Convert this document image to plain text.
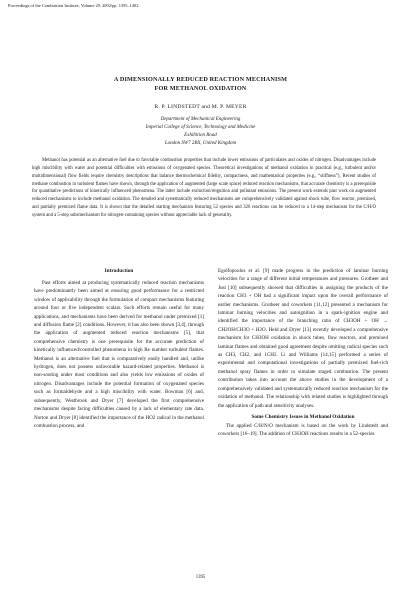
Proceedings of the Combustion Institute, Volume 29, 2002/pp. 1395–1402
A DIMENSIONALLY REDUCED REACTION MECHANISM
FOR METHANOL OXIDATION
R. P. LINDSTEDT and M. P. MEYER
Department of Mechanical Engineering
Imperial College of Science, Technology and Medicine
Exhibition Road
London SW7 2BX, United Kingdom

Methanol has potential as an alternative fuel due to favorable combustion properties that include lower emissions of particulates and oxides of nitrogen. Disadvantages include high miscibility with water and potential difficulties with emissions of oxygenated species. Theoretical investigations of methanol oxidation in practical (e.g., turbulent and/or multidimensional) flow fields require chemistry descriptions that balance thermochemical fidelity, compactness, and mathematical properties (e.g., “stiffness”). Recent studies of methane combustion in turbulent flames have shown, through the application of augmented (large scale space) reduced reaction mechanisms, that accurate chemistry is a prerequisite for quantitative predictions of kinetically influenced phenomena. The latter include extinction/reignition and pollutant emissions. The present work extends past work on augmented reduced mechanisms to include methanol oxidation. The detailed and systematically reduced mechanisms are comprehensively validated against shock tube, flow reactor, premixed, and partially premixed flame data. It is shown that the detailed starting mechanism featuring 52 species and 326 reactions can be reduced to a 14-step mechanism for the C/H/O system and a 5-step subsmechanism for nitrogen-containing species without appreciable lack of generality.

Introduction

Past efforts aimed at producing systematically reduced reaction mechanisms have predominantly been aimed at ensuring good performance for a restricted window of applicability through the formulation of compact mechanisms featuring around four or five independent scalars. Such efforts remain useful for many applications, and mechanisms have been derived for methanol under premixed [1] and diffusion flame [2] conditions. However, it has also been shown [3,4], through the application of augmented reduced reaction mechanisms [5], that comprehensive chemistry is one prerequisite for the accurate prediction of kinetically influenced/controlled phenomena in high Re number turbulent flames. Methanol is an alternative fuel that is comparatively easily handled and, unlike hydrogen, does not possess unfavorable hazard-related properties. Methanol is non-sooting under most conditions and also yields low emissions of oxides of nitrogen. Disadvantages include the potential formation of oxygenated species such as formaldehyde and a high miscibility with water. Bowman [6] and, subsequently, Westbrook and Dryer [7] developed the first comprehensive mechanisms despite facing difficulties caused by a lack of elementary rate data. Norton and Dryer [8] identified the importance of the HO2 radical in the methanol combustion process, and

Egolfopoulos et al. [9] made progress in the prediction of laminar burning velocities for a range of different initial temperatures and pressures. Grotheer and Just [10] subsequently showed that difficulties in assigning the products of the reaction CH3 + OH had a significant impact upon the overall performance of earlier mechanisms. Grotheer and coworkers [11,12] presented a mechanism for laminar burning velocities and autoignition in a spark-ignition engine and identified the importance of the branching ratio of CH3OH + OH → CH2OH/CH3O + H2O. Held and Dryer [13] recently developed a comprehensive mechanism for CH3OH oxidation in shock tubes, flow reactors, and premixed laminar flames and obtained good agreement despite omitting radical species such as CH3, CH2, and 1CH2. Li and Williams [14,15] performed a series of experimental and computational investigations of partially premixed fuel-rich methanol spray flames in order to simulate staged combustion. The present contribution takes into account the above studies in the development of a comprehensively validated and systematically reduced reaction mechanism for the oxidation of methanol. The relationship with related studies is highlighted through the application of path and sensitivity analyses.

Some Chemistry Issues in Methanol Oxidation

The applied C/H/N/O mechanism is based on the work by Lindstedt and coworkers [16–19]. The addition of CH3OH reactions results in a 52-species

1395
